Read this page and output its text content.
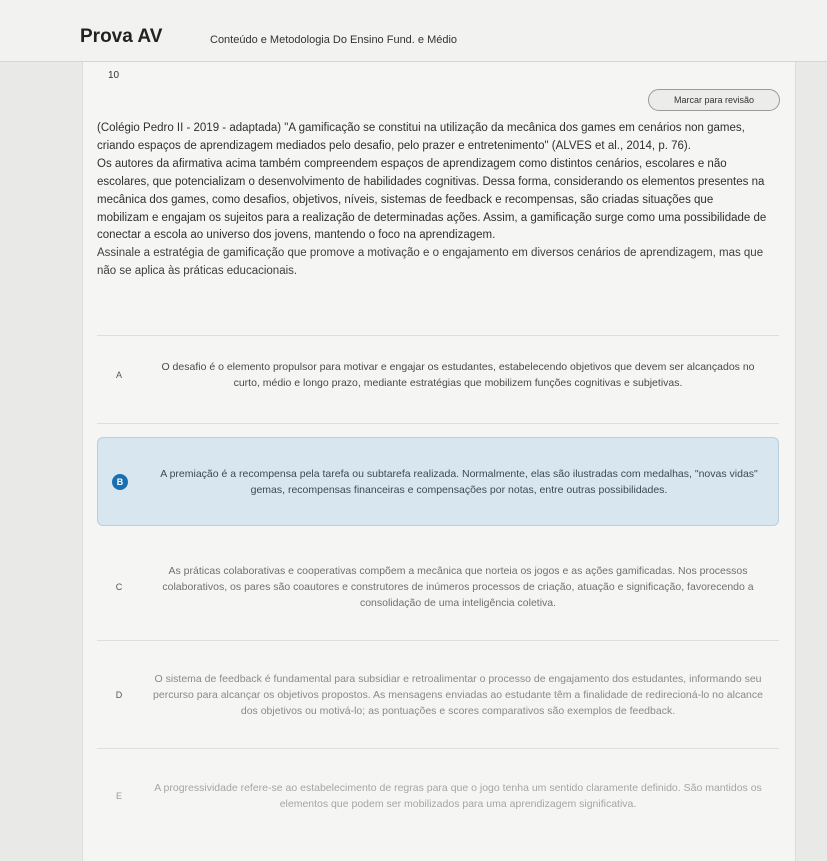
Prova AV	Conteúdo e Metodologia Do Ensino Fund. e Médio
10
Marcar para revisão

(Colégio Pedro II - 2019 - adaptada) "A gamificação se constitui na utilização da mecânica dos games em cenários non games, criando espaços de aprendizagem mediados pelo desafio, pelo prazer e entretenimento" (ALVES et al., 2014, p. 76).

Os autores da afirmativa acima também compreendem espaços de aprendizagem como distintos cenários, escolares e não escolares, que potencializam o desenvolvimento de habilidades cognitivas. Dessa forma, considerando os elementos presentes na mecânica dos games, como desafios, objetivos, níveis, sistemas de feedback e recompensas, são criadas situações que mobilizam e engajam os sujeitos para a realização de determinadas ações. Assim, a gamificação surge como uma possibilidade de conectar a escola ao universo dos jovens, mantendo o foco na aprendizagem.

Assinale a estratégia de gamificação que promove a motivação e o engajamento em diversos cenários de aprendizagem, mas que não se aplica às práticas educacionais.

A
O desafio é o elemento propulsor para motivar e engajar os estudantes, estabelecendo objetivos que devem ser alcançados no curto, médio e longo prazo, mediante estratégias que mobilizem funções cognitivas e subjetivas.
B
A premiação é a recompensa pela tarefa ou subtarefa realizada. Normalmente, elas são ilustradas com medalhas, "novas vidas" gemas, recompensas financeiras e compensações por notas, entre outras possibilidades.
C
As práticas colaborativas e cooperativas compõem a mecânica que norteia os jogos e as ações gamificadas. Nos processos colaborativos, os pares são coautores e construtores de inúmeros processos de criação, atuação e significação, favorecendo a consolidação de uma inteligência coletiva.
D
O sistema de feedback é fundamental para subsidiar e retroalimentar o processo de engajamento dos estudantes, informando seu percurso para alcançar os objetivos propostos. As mensagens enviadas ao estudante têm a finalidade de redirecioná-lo no alcance dos objetivos ou motivá-lo; as pontuações e scores comparativos são exemplos de feedback.
E
A progressividade refere-se ao estabelecimento de regras para que o jogo tenha um sentido claramente definido. São mantidos os elementos que podem ser mobilizados para uma aprendizagem significativa.
